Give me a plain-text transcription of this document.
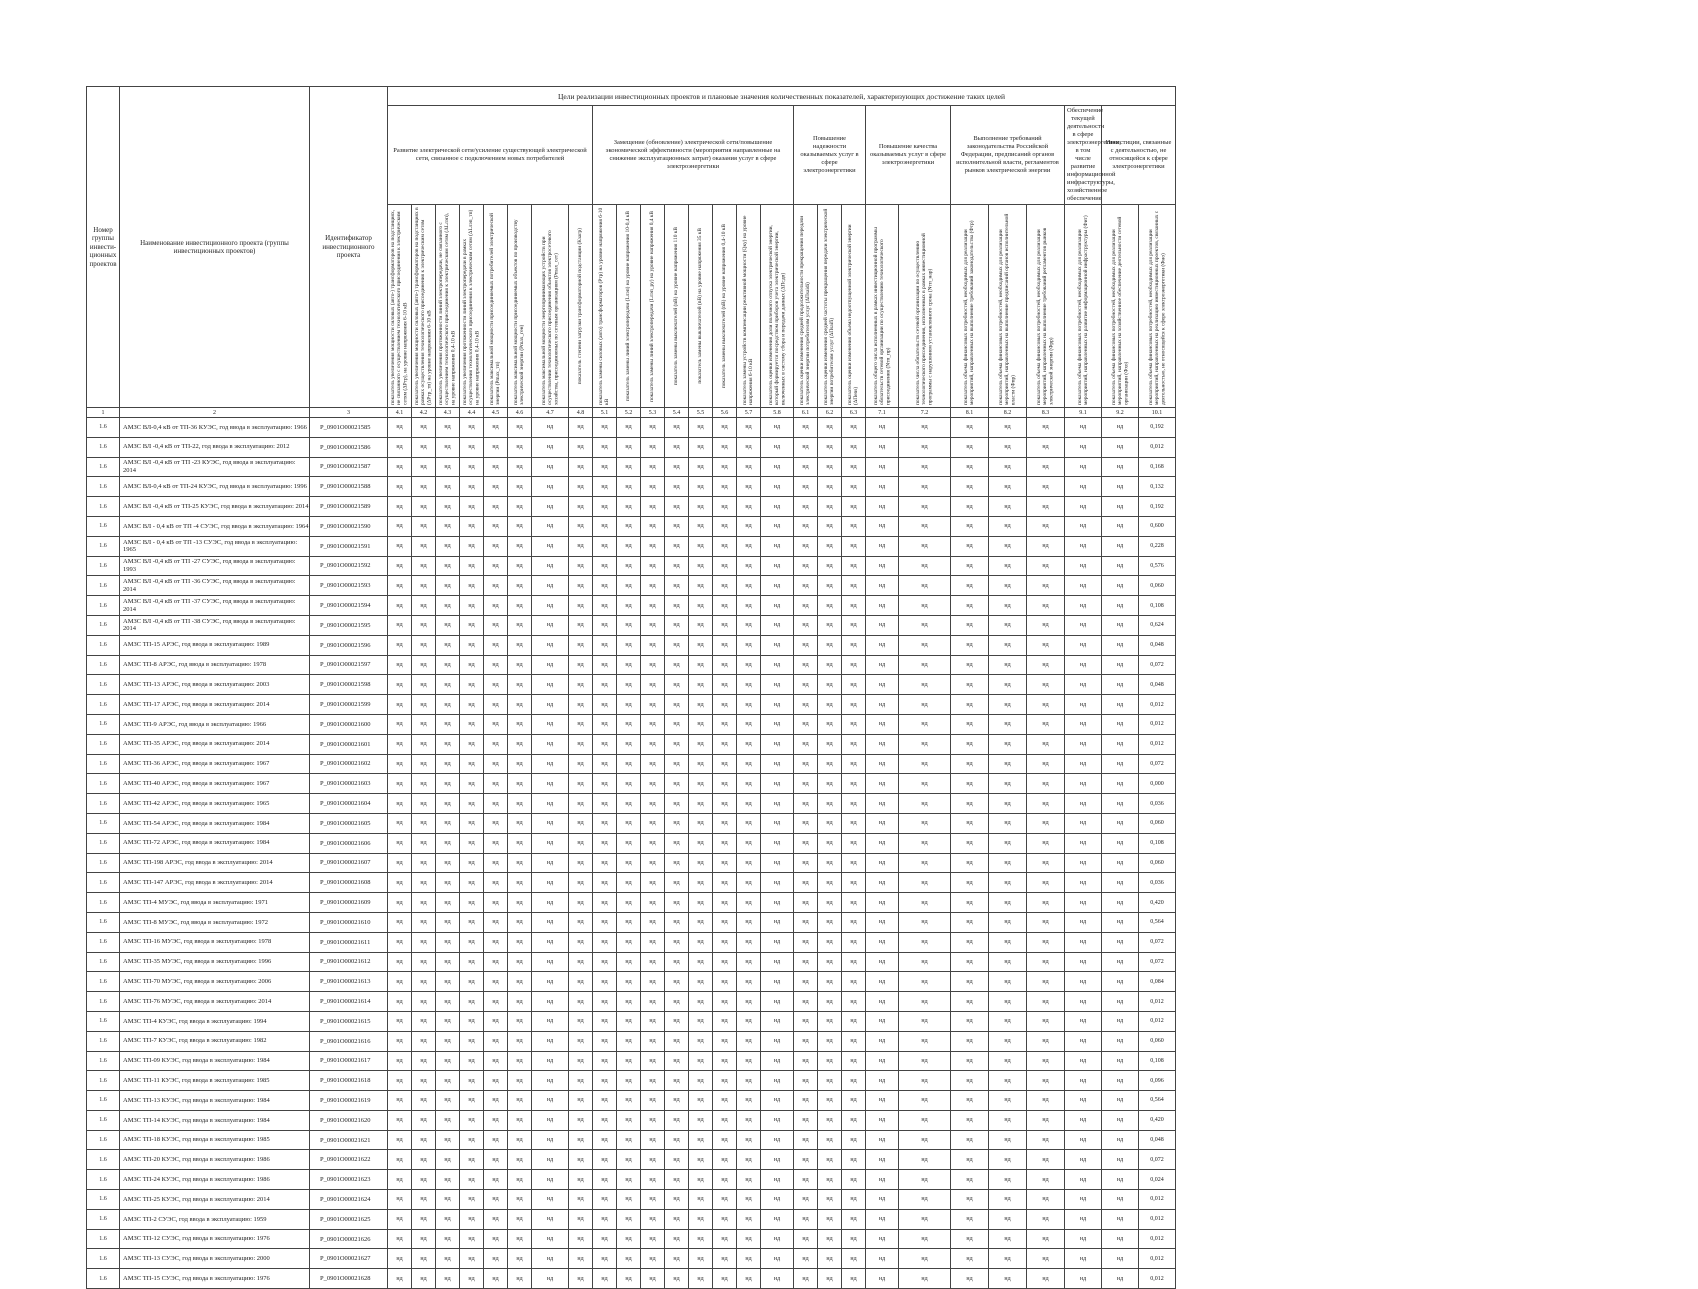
Номер группы инвести-ционных проектов	Наименование инвестиционного проекта (группы инвестиционных проектов)	Идентификатор инвестиционного проекта	Цели реализации инвестиционных проектов и плановые значения количественных показателей, характеризующих достижение таких целей																										
			Развитие электрической сети/усиление существующей электрической сети, связанное с подключением новых потребителей								Замещение (обновление) электрической сети/повышение экономической эффективности (мероприятия направленные на снижение эксплуатационных затрат) оказания услуг в сфере электроэнергетики								Повышение надежности оказываемых услуг в сфере электроэнергетики			Повышение качества оказываемых услуг в сфере электроэнергетики		Выполнение требований законодательства Российской Федерации, предписаний органов исполнительной власти, регламентов рынков электрической энергии			Обеспечение текущей деятельности в сфере электроэнергетики, в том числе развитие информационной инфраструктуры, хозяйственное обеспечение	Инвестиции, связанные с деятельностью, не относящейся к сфере электроэнергетики	

			показатель увеличения мощности силовых (авто-) трансформаторов на подстанциях, не связанного с осуществлением технологического присоединения к электрическим сетям (ΔPтр), на уровне напряжения 6-10 кВ	показатель увеличения мощности силовых (авто-) трансформаторов на подстанциях в рамках осуществления технологического присоединения к электрическим сетям (ΔPтр_тп) на уровне напряжения 6-10 кВ	показатель увеличения протяженности линий электропередачи, не связанного с осуществлением технологического присоединения к электрическим сетям (ΔLлэп), на уровне напряжения 0,4-10 кВ	показатель увеличения протяженности линий электропередачи в рамках осуществления технологического присоединения к электрическим сетям (ΔLлэп_тп) на уровне напряжения 0,4-10 кВ	показатель максимальной мощности присоединяемых потребителей электрической энергии (Pmax_тп)	показатель максимальной мощности присоединяемых объектов по производству электрической энергии (Pmax_ген)	показатель максимальной мощности энергопринимающих устройств при осуществлении технологического присоединения объектов электросетевого хозяйства, присоединяемых по сетевым организациям (Pmax_сет)	показатель степени загрузки трансформаторной подстанции (Кзагр)	показатель замены силовых (авто) трансформаторов (Pтр) на уровне напряжения 6-10 кВ	показатель замены линий электропередачи (Lлэп) на уровне напряжения 10-0,4 кВ	показатель замены линий электропередачи (Lлэп_ру) на уровне напряжения 0,4 кВ	показатель замены выключателей (nВ) на уровне напряжения 110 кВ	показатель замены выключателей (nВ) на уровне напряжения 35 кВ	показатель замены выключателей (nВ) на уровне напряжения 0,4-10 кВ	показатель замены устройств компенсации реактивной мощности (Qку) на уровне напряжения 6-10 кВ	показатель оценки изменения доли полезного отпуска электрической энергии, который формируется посредством приборов учета электрической энергии, включенных в систему сбора и передачи данных (ΔПсдп)	показатель оценки изменения средней продолжительности прекращения передачи электрической энергии потребителям услуг (ΔПsaidi)	показатель оценки изменения средней частоты прекращения передачи электрической энергии потребителям услуг (ΔПsaifi)	показатель оценки изменения объема недоотпущенной электрической энергии (ΔПens)	показатель общего числа исполненных в рамках инвестиционной программы обязательств сетевой организации по осуществлению технологического присоединения (Nтп_пр)	показатель числа обязательств сетевой организации по осуществлению технологического присоединения, исполненных в рамках инвестиционной программы с нарушением установленного срока (Nтп_нар)	показатель объема финансовых потребностей, необходимых для реализации мероприятий, направленных на выполнение требований законодательства (Фтр)	показатель объема финансовых потребностей, необходимых для реализации мероприятий, направленных на выполнение предписаний органов исполнительной власти (Фпр)	показатель объема финансовых потребностей, необходимых для реализации мероприятий, направленных на выполнение требований регламентов рынков электрической энергии (Фрр)	показатель объема финансовых потребностей, необходимых для реализации мероприятий, направленных на развитие информационной инфраструктуры (Фит)	показатель объема финансовых потребностей, необходимых для реализации мероприятий, направленных на хозяйственное обеспечение деятельности сетевой организации (Фхо)	показатель объема финансовых потребностей, необходимых для реализации мероприятий, направленных на реализацию инвестиционных проектов, связанных с деятельностью, не относящейся к сфере электроэнергетики (Фно)

1	2	3	4.1	4.2	4.3	4.4	4.5	4.6	4.7	4.8	5.1	5.2	5.3	5.4	5.5	5.6	5.7	5.8	6.1	6.2	6.3	7.1	7.2	8.1	8.2	8.3	9.1	9.2	10.1
1.6	АМЗС ВЛ-0,4 кВ от ТП-36 КУЭС, год ввода в эксплуатацию: 1966	P_0901O00021585	нд	нд	нд	нд	нд	нд	нд	нд	нд	нд	нд	нд	нд	нд	нд	нд	нд	нд	нд	нд	нд	нд	нд	нд	нд	нд	0,192
1.6	АМЗС ВЛ -0,4 кВ от ТП-22, год ввода в эксплуатацию: 2012	P_0901O00021586	нд	нд	нд	нд	нд	нд	нд	нд	нд	нд	нд	нд	нд	нд	нд	нд	нд	нд	нд	нд	нд	нд	нд	нд	нд	нд	0,012
1.6	АМЗС ВЛ -0,4 кВ от ТП -23 КУЭС, год ввода в эксплуатацию: 2014	P_0901O00021587	нд	нд	нд	нд	нд	нд	нд	нд	нд	нд	нд	нд	нд	нд	нд	нд	нд	нд	нд	нд	нд	нд	нд	нд	нд	нд	0,168
1.6	АМЗС ВЛ-0,4 кВ от ТП-24 КУЭС, год ввода в эксплуатацию: 1996	P_0901O00021588	нд	нд	нд	нд	нд	нд	нд	нд	нд	нд	нд	нд	нд	нд	нд	нд	нд	нд	нд	нд	нд	нд	нд	нд	нд	нд	0,132
1.6	АМЗС ВЛ -0,4 кВ от ТП-25 КУЭС, год ввода в эксплуатацию: 2014	P_0901O00021589	нд	нд	нд	нд	нд	нд	нд	нд	нд	нд	нд	нд	нд	нд	нд	нд	нд	нд	нд	нд	нд	нд	нд	нд	нд	нд	0,192
1.6	АМЗС ВЛ - 0,4 кВ от ТП -4 СУЭС, год ввода в эксплуатацию: 1964	P_0901O00021590	нд	нд	нд	нд	нд	нд	нд	нд	нд	нд	нд	нд	нд	нд	нд	нд	нд	нд	нд	нд	нд	нд	нд	нд	нд	нд	0,600
1.6	АМЗС ВЛ - 0,4 кВ от ТП -13 СУЭС, год ввода в эксплуатацию: 1965	P_0901O00021591	нд	нд	нд	нд	нд	нд	нд	нд	нд	нд	нд	нд	нд	нд	нд	нд	нд	нд	нд	нд	нд	нд	нд	нд	нд	нд	0,228
1.6	АМЗС ВЛ -0,4 кВ от ТП -27 СУЭС, год ввода в эксплуатацию: 1993	P_0901O00021592	нд	нд	нд	нд	нд	нд	нд	нд	нд	нд	нд	нд	нд	нд	нд	нд	нд	нд	нд	нд	нд	нд	нд	нд	нд	нд	0,576
1.6	АМЗС ВЛ -0,4 кВ от ТП -36 СУЭС, год ввода в эксплуатацию: 2014	P_0901O00021593	нд	нд	нд	нд	нд	нд	нд	нд	нд	нд	нд	нд	нд	нд	нд	нд	нд	нд	нд	нд	нд	нд	нд	нд	нд	нд	0,060
1.6	АМЗС ВЛ -0,4 кВ от ТП -37 СУЭС, год ввода в эксплуатацию: 2014	P_0901O00021594	нд	нд	нд	нд	нд	нд	нд	нд	нд	нд	нд	нд	нд	нд	нд	нд	нд	нд	нд	нд	нд	нд	нд	нд	нд	нд	0,108
1.6	АМЗС ВЛ -0,4 кВ от ТП -38 СУЭС, год ввода в эксплуатацию: 2014	P_0901O00021595	нд	нд	нд	нд	нд	нд	нд	нд	нд	нд	нд	нд	нд	нд	нд	нд	нд	нд	нд	нд	нд	нд	нд	нд	нд	нд	0,624
1.6	АМЗС ТП-15 АРЭС, год ввода в эксплуатацию: 1989	P_0901O00021596	нд	нд	нд	нд	нд	нд	нд	нд	нд	нд	нд	нд	нд	нд	нд	нд	нд	нд	нд	нд	нд	нд	нд	нд	нд	нд	0,048
1.6	АМЗС ТП-8 АРЭС, год ввода в эксплуатацию: 1978	P_0901O00021597	нд	нд	нд	нд	нд	нд	нд	нд	нд	нд	нд	нд	нд	нд	нд	нд	нд	нд	нд	нд	нд	нд	нд	нд	нд	нд	0,072
1.6	АМЗС ТП-13 АРЭС, год ввода в эксплуатацию: 2003	P_0901O00021598	нд	нд	нд	нд	нд	нд	нд	нд	нд	нд	нд	нд	нд	нд	нд	нд	нд	нд	нд	нд	нд	нд	нд	нд	нд	нд	0,048
1.6	АМЗС ТП-17 АРЭС, год ввода в эксплуатацию: 2014	P_0901O00021599	нд	нд	нд	нд	нд	нд	нд	нд	нд	нд	нд	нд	нд	нд	нд	нд	нд	нд	нд	нд	нд	нд	нд	нд	нд	нд	0,012
1.6	АМЗС ТП-9 АРЭС, год ввода в эксплуатацию: 1966	P_0901O00021600	нд	нд	нд	нд	нд	нд	нд	нд	нд	нд	нд	нд	нд	нд	нд	нд	нд	нд	нд	нд	нд	нд	нд	нд	нд	нд	0,012
1.6	АМЗС ТП-35 АРЭС, год ввода в эксплуатацию: 2014	P_0901O00021601	нд	нд	нд	нд	нд	нд	нд	нд	нд	нд	нд	нд	нд	нд	нд	нд	нд	нд	нд	нд	нд	нд	нд	нд	нд	нд	0,012
1.6	АМЗС ТП-36 АРЭС, год ввода в эксплуатацию: 1967	P_0901O00021602	нд	нд	нд	нд	нд	нд	нд	нд	нд	нд	нд	нд	нд	нд	нд	нд	нд	нд	нд	нд	нд	нд	нд	нд	нд	нд	0,072
1.6	АМЗС ТП-40 АРЭС, год ввода в эксплуатацию: 1967	P_0901O00021603	нд	нд	нд	нд	нд	нд	нд	нд	нд	нд	нд	нд	нд	нд	нд	нд	нд	нд	нд	нд	нд	нд	нд	нд	нд	нд	0,000
1.6	АМЗС ТП-42 АРЭС, год ввода в эксплуатацию: 1965	P_0901O00021604	нд	нд	нд	нд	нд	нд	нд	нд	нд	нд	нд	нд	нд	нд	нд	нд	нд	нд	нд	нд	нд	нд	нд	нд	нд	нд	0,036
1.6	АМЗС ТП-54 АРЭС, год ввода в эксплуатацию: 1984	P_0901O00021605	нд	нд	нд	нд	нд	нд	нд	нд	нд	нд	нд	нд	нд	нд	нд	нд	нд	нд	нд	нд	нд	нд	нд	нд	нд	нд	0,060
1.6	АМЗС ТП-72 АРЭС, год ввода в эксплуатацию: 1984	P_0901O00021606	нд	нд	нд	нд	нд	нд	нд	нд	нд	нд	нд	нд	нд	нд	нд	нд	нд	нд	нд	нд	нд	нд	нд	нд	нд	нд	0,108
1.6	АМЗС ТП-198 АРЭС, год ввода в эксплуатацию: 2014	P_0901O00021607	нд	нд	нд	нд	нд	нд	нд	нд	нд	нд	нд	нд	нд	нд	нд	нд	нд	нд	нд	нд	нд	нд	нд	нд	нд	нд	0,060
1.6	АМЗС ТП-147 АРЭС, год ввода в эксплуатацию: 2014	P_0901O00021608	нд	нд	нд	нд	нд	нд	нд	нд	нд	нд	нд	нд	нд	нд	нд	нд	нд	нд	нд	нд	нд	нд	нд	нд	нд	нд	0,036
1.6	АМЗС ТП-4 МУЭС, год ввода в эксплуатацию: 1971	P_0901O00021609	нд	нд	нд	нд	нд	нд	нд	нд	нд	нд	нд	нд	нд	нд	нд	нд	нд	нд	нд	нд	нд	нд	нд	нд	нд	нд	0,420
1.6	АМЗС ТП-8 МУЭС, год ввода в эксплуатацию: 1972	P_0901O00021610	нд	нд	нд	нд	нд	нд	нд	нд	нд	нд	нд	нд	нд	нд	нд	нд	нд	нд	нд	нд	нд	нд	нд	нд	нд	нд	0,564
1.6	АМЗС ТП-16 МУЭС, год ввода в эксплуатацию: 1978	P_0901O00021611	нд	нд	нд	нд	нд	нд	нд	нд	нд	нд	нд	нд	нд	нд	нд	нд	нд	нд	нд	нд	нд	нд	нд	нд	нд	нд	0,072
1.6	АМЗС ТП-35 МУЭС, год ввода в эксплуатацию: 1996	P_0901O00021612	нд	нд	нд	нд	нд	нд	нд	нд	нд	нд	нд	нд	нд	нд	нд	нд	нд	нд	нд	нд	нд	нд	нд	нд	нд	нд	0,072
1.6	АМЗС ТП-70 МУЭС, год ввода в эксплуатацию: 2006	P_0901O00021613	нд	нд	нд	нд	нд	нд	нд	нд	нд	нд	нд	нд	нд	нд	нд	нд	нд	нд	нд	нд	нд	нд	нд	нд	нд	нд	0,084
1.6	АМЗС ТП-76 МУЭС, год ввода в эксплуатацию: 2014	P_0901O00021614	нд	нд	нд	нд	нд	нд	нд	нд	нд	нд	нд	нд	нд	нд	нд	нд	нд	нд	нд	нд	нд	нд	нд	нд	нд	нд	0,012
1.6	АМЗС ТП-4 КУЭС, год ввода в эксплуатацию: 1994	P_0901O00021615	нд	нд	нд	нд	нд	нд	нд	нд	нд	нд	нд	нд	нд	нд	нд	нд	нд	нд	нд	нд	нд	нд	нд	нд	нд	нд	0,012
1.6	АМЗС ТП-7 КУЭС, год ввода в эксплуатацию: 1982	P_0901O00021616	нд	нд	нд	нд	нд	нд	нд	нд	нд	нд	нд	нд	нд	нд	нд	нд	нд	нд	нд	нд	нд	нд	нд	нд	нд	нд	0,060
1.6	АМЗС ТП-09 КУЭС, год ввода в эксплуатацию: 1984	P_0901O00021617	нд	нд	нд	нд	нд	нд	нд	нд	нд	нд	нд	нд	нд	нд	нд	нд	нд	нд	нд	нд	нд	нд	нд	нд	нд	нд	0,108
1.6	АМЗС ТП-11 КУЭС, год ввода в эксплуатацию: 1985	P_0901O00021618	нд	нд	нд	нд	нд	нд	нд	нд	нд	нд	нд	нд	нд	нд	нд	нд	нд	нд	нд	нд	нд	нд	нд	нд	нд	нд	0,096
1.6	АМЗС ТП-13 КУЭС, год ввода в эксплуатацию: 1984	P_0901O00021619	нд	нд	нд	нд	нд	нд	нд	нд	нд	нд	нд	нд	нд	нд	нд	нд	нд	нд	нд	нд	нд	нд	нд	нд	нд	нд	0,564
1.6	АМЗС ТП-14 КУЭС, год ввода в эксплуатацию: 1984	P_0901O00021620	нд	нд	нд	нд	нд	нд	нд	нд	нд	нд	нд	нд	нд	нд	нд	нд	нд	нд	нд	нд	нд	нд	нд	нд	нд	нд	0,420
1.6	АМЗС ТП-18 КУЭС, год ввода в эксплуатацию: 1985	P_0901O00021621	нд	нд	нд	нд	нд	нд	нд	нд	нд	нд	нд	нд	нд	нд	нд	нд	нд	нд	нд	нд	нд	нд	нд	нд	нд	нд	0,048
1.6	АМЗС ТП-20 КУЭС, год ввода в эксплуатацию: 1986	P_0901O00021622	нд	нд	нд	нд	нд	нд	нд	нд	нд	нд	нд	нд	нд	нд	нд	нд	нд	нд	нд	нд	нд	нд	нд	нд	нд	нд	0,072
1.6	АМЗС ТП-24 КУЭС, год ввода в эксплуатацию: 1986	P_0901O00021623	нд	нд	нд	нд	нд	нд	нд	нд	нд	нд	нд	нд	нд	нд	нд	нд	нд	нд	нд	нд	нд	нд	нд	нд	нд	нд	0,024
1.6	АМЗС ТП-25 КУЭС, год ввода в эксплуатацию: 2014	P_0901O00021624	нд	нд	нд	нд	нд	нд	нд	нд	нд	нд	нд	нд	нд	нд	нд	нд	нд	нд	нд	нд	нд	нд	нд	нд	нд	нд	0,012
1.6	АМЗС ТП-2 СУЭС, год ввода в эксплуатацию: 1959	P_0901O00021625	нд	нд	нд	нд	нд	нд	нд	нд	нд	нд	нд	нд	нд	нд	нд	нд	нд	нд	нд	нд	нд	нд	нд	нд	нд	нд	0,012
1.6	АМЗС ТП-12 СУЭС, год ввода в эксплуатацию: 1976	P_0901O00021626	нд	нд	нд	нд	нд	нд	нд	нд	нд	нд	нд	нд	нд	нд	нд	нд	нд	нд	нд	нд	нд	нд	нд	нд	нд	нд	0,012
1.6	АМЗС ТП-13 СУЭС, год ввода в эксплуатацию: 2000	P_0901O00021627	нд	нд	нд	нд	нд	нд	нд	нд	нд	нд	нд	нд	нд	нд	нд	нд	нд	нд	нд	нд	нд	нд	нд	нд	нд	нд	0,012
1.6	АМЗС ТП-15 СУЭС, год ввода в эксплуатацию: 1976	P_0901O00021628	нд	нд	нд	нд	нд	нд	нд	нд	нд	нд	нд	нд	нд	нд	нд	нд	нд	нд	нд	нд	нд	нд	нд	нд	нд	нд	0,012
